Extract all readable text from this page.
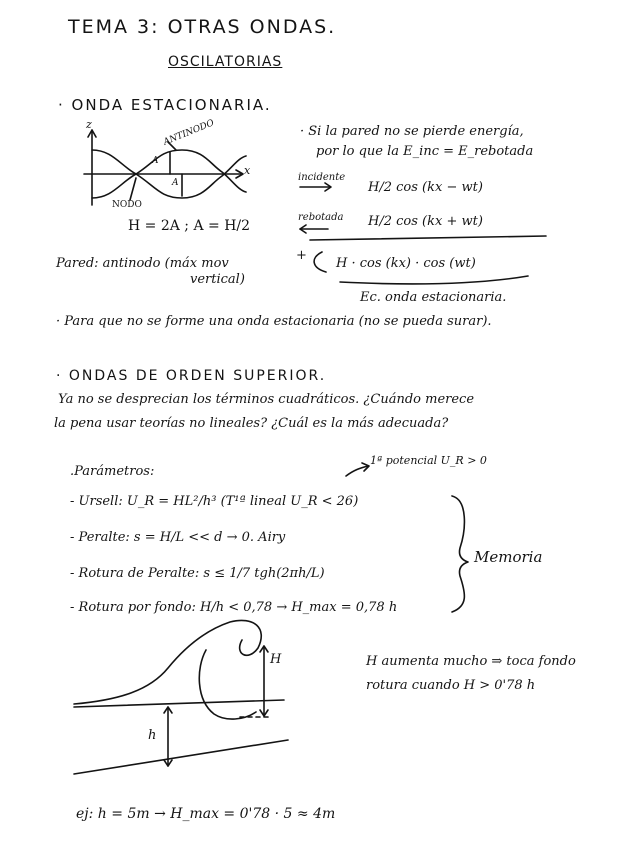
TEMA 3: OTRAS ONDAS.
OSCILATORIAS
· ONDA ESTACIONARIA.
z
x
ANTINODO
NODO
A
A
H = 2A ; A = H/2
Pared: antinodo (máx mov
vertical)
· Si la pared no se pierde energía,
por lo que la E_inc = E_rebotada
incidente
H/2 cos (kx − wt)
rebotada H/2 cos (kx + wt)
+
H · cos (kx) · cos (wt)
Ec. onda estacionaria.
· Para que no se forme una onda estacionaria (no se pueda surar).
· ONDAS DE ORDEN SUPERIOR.
Ya no se desprecian los términos cuadráticos. ¿Cuándo merece
la pena usar teorías no lineales? ¿Cuál es la más adecuada?
.Parámetros:
1ª potencial U_R > 0
- Ursell: U_R = HL²/h³ (T¹ª lineal U_R < 26)
- Peralte: s = H/L << d → 0. Airy
- Rotura de Peralte: s ≤ 1/7 tgh(2πh/L)
- Rotura por fondo: H/h < 0,78 → H_max = 0,78 h
Memoria
H
h
H aumenta mucho ⇒ toca fondo
rotura cuando H > 0'78 h
ej: h = 5m → H_max = 0'78 · 5 ≈ 4m
